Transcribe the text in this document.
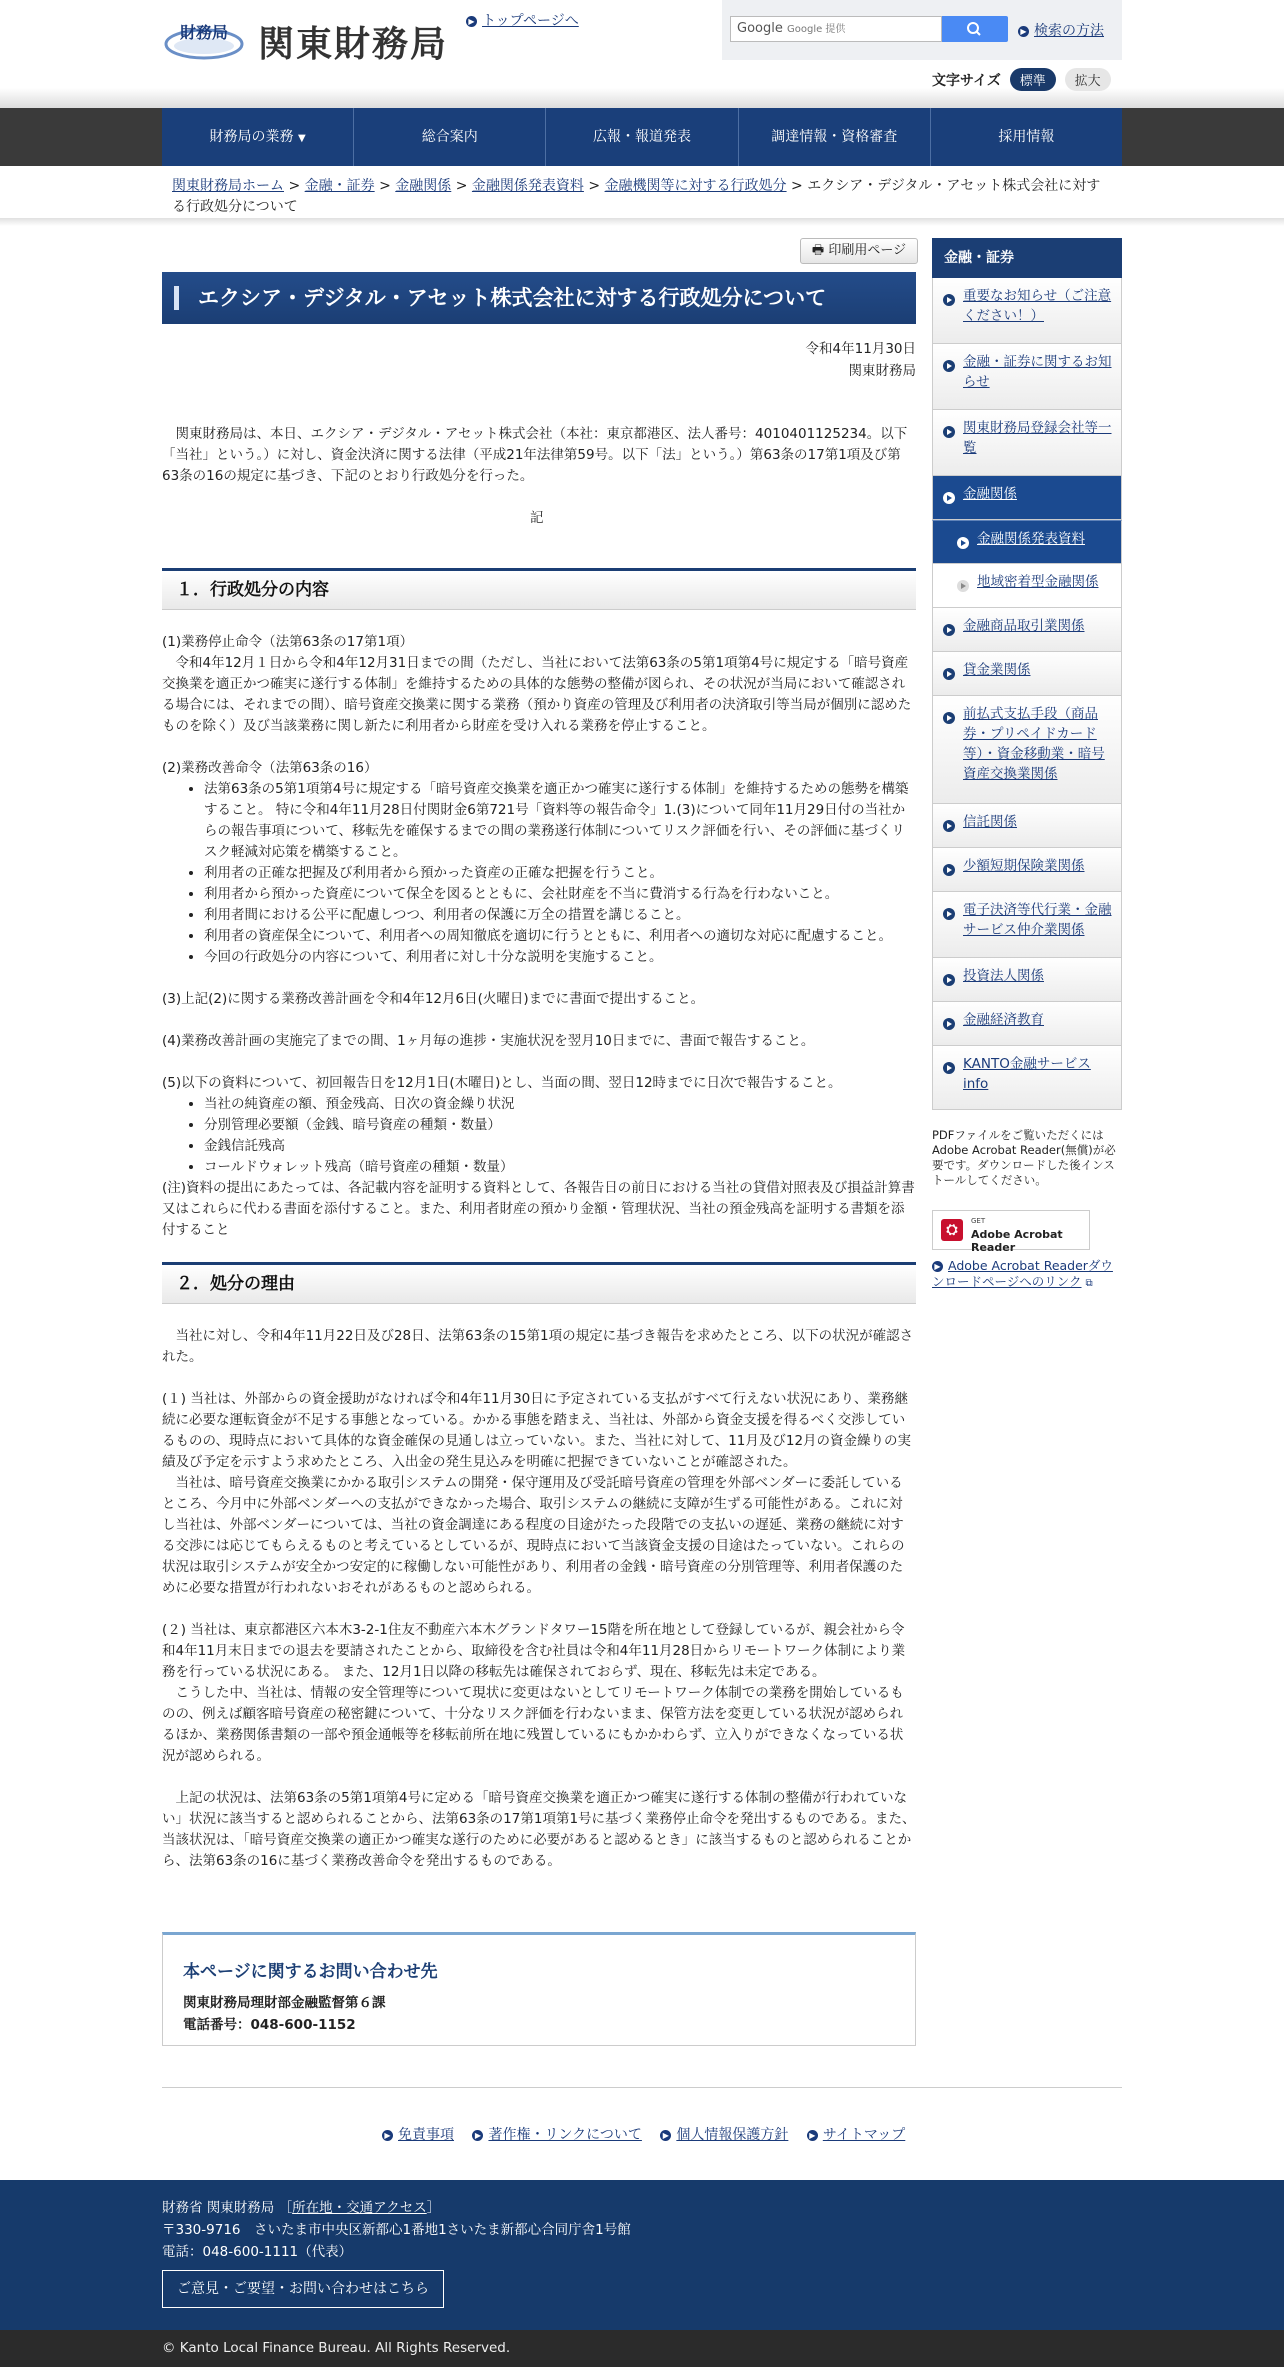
財務局 関東財務局
▶ トップページへ	Google Google 提供	▶ 検索の方法
文字サイズ 標準 拡大
財務局の業務 ▼	総合案内	広報・報道発表	調達情報・資格審査	採用情報
関東財務局ホーム > 金融・証券 > 金融関係 > 金融関係発表資料 > 金融機関等に対する行政処分 > エクシア・デジタル・アセット株式会社に対する行政処分について
🖶 印刷用ページ
エクシア・デジタル・アセット株式会社に対する行政処分について
令和4年11月30日
関東財務局
関東財務局は、本日、エクシア・デジタル・アセット株式会社（本社：東京都港区、法人番号：4010401125234。以下「当社」という。）に対し、資金決済に関する法律（平成21年法律第59号。以下「法」という。）第63条の17第1項及び第63条の16の規定に基づき、下記のとおり行政処分を行った。
記
１．行政処分の内容
(1)業務停止命令（法第63条の17第1項）
令和4年12月１日から令和4年12月31日までの間（ただし、当社において法第63条の5第1項第4号に規定する「暗号資産交換業を適正かつ確実に遂行する体制」を維持するための具体的な態勢の整備が図られ、その状況が当局において確認される場合には、それまでの間）、暗号資産交換業に関する業務（預かり資産の管理及び利用者の決済取引等当局が個別に認めたものを除く）及び当該業務に関し新たに利用者から財産を受け入れる業務を停止すること。
(2)業務改善命令（法第63条の16）
• 法第63条の5第1項第4号に規定する「暗号資産交換業を適正かつ確実に遂行する体制」を維持するための態勢を構築すること。 特に令和4年11月28日付関財金6第721号「資料等の報告命令」1.(3)について同年11月29日付の当社からの報告事項について、移転先を確保するまでの間の業務遂行体制についてリスク評価を行い、その評価に基づくリスク軽減対応策を構築すること。
• 利用者の正確な把握及び利用者から預かった資産の正確な把握を行うこと。
• 利用者から預かった資産について保全を図るとともに、会社財産を不当に費消する行為を行わないこと。
• 利用者間における公平に配慮しつつ、利用者の保護に万全の措置を講じること。
• 利用者の資産保全について、利用者への周知徹底を適切に行うとともに、利用者への適切な対応に配慮すること。
• 今回の行政処分の内容について、利用者に対し十分な説明を実施すること。
(3)上記(2)に関する業務改善計画を令和4年12月6日(火曜日)までに書面で提出すること。
(4)業務改善計画の実施完了までの間、1ヶ月毎の進捗・実施状況を翌月10日までに、書面で報告すること。
(5)以下の資料について、初回報告日を12月1日(木曜日)とし、当面の間、翌日12時までに日次で報告すること。
• 当社の純資産の額、預金残高、日次の資金繰り状況
• 分別管理必要額（金銭、暗号資産の種類・数量）
• 金銭信託残高
• コールドウォレット残高（暗号資産の種類・数量）
(注)資料の提出にあたっては、各記載内容を証明する資料として、各報告日の前日における当社の貸借対照表及び損益計算書又はこれらに代わる書面を添付すること。また、利用者財産の預かり金額・管理状況、当社の預金残高を証明する書類を添付すること
２．処分の理由
当社に対し、令和4年11月22日及び28日、法第63条の15第1項の規定に基づき報告を求めたところ、以下の状況が確認された。
(１) 当社は、外部からの資金援助がなければ令和4年11月30日に予定されている支払がすべて行えない状況にあり、業務継続に必要な運転資金が不足する事態となっている。かかる事態を踏まえ、当社は、外部から資金支援を得るべく交渉しているものの、現時点において具体的な資金確保の見通しは立っていない。また、当社に対して、11月及び12月の資金繰りの実績及び予定を示すよう求めたところ、入出金の発生見込みを明確に把握できていないことが確認された。
当社は、暗号資産交換業にかかる取引システムの開発・保守運用及び受託暗号資産の管理を外部ベンダーに委託しているところ、今月中に外部ベンダーへの支払ができなかった場合、取引システムの継続に支障が生ずる可能性がある。これに対し当社は、外部ベンダーについては、当社の資金調達にある程度の目途がたった段階での支払いの遅延、業務の継続に対する交渉には応じてもらえるものと考えているとしているが、現時点において当該資金支援の目途はたっていない。これらの状況は取引システムが安全かつ安定的に稼働しない可能性があり、利用者の金銭・暗号資産の分別管理等、利用者保護のために必要な措置が行われないおそれがあるものと認められる。
(２) 当社は、東京都港区六本木3-2-1住友不動産六本木グランドタワー15階を所在地として登録しているが、親会社から令和4年11月末日までの退去を要請されたことから、取締役を含む社員は令和4年11月28日からリモートワーク体制により業務を行っている状況にある。 また、12月1日以降の移転先は確保されておらず、現在、移転先は未定である。
こうした中、当社は、情報の安全管理等について現状に変更はないとしてリモートワーク体制での業務を開始しているものの、例えば顧客暗号資産の秘密鍵について、十分なリスク評価を行わないまま、保管方法を変更している状況が認められるほか、業務関係書類の一部や預金通帳等を移転前所在地に残置しているにもかかわらず、立入りができなくなっている状況が認められる。
上記の状況は、法第63条の5第1項第4号に定める「暗号資産交換業を適正かつ確実に遂行する体制の整備が行われていない」状況に該当すると認められることから、法第63条の17第1項第1号に基づく業務停止命令を発出するものである。また、当該状況は、「暗号資産交換業の適正かつ確実な遂行のために必要があると認めるとき」に該当するものと認められることから、法第63条の16に基づく業務改善命令を発出するものである。
本ページに関するお問い合わせ先
関東財務局理財部金融監督第６課
電話番号：048-600-1152
▶ 免責事項	▶ 著作権・リンクについて	▶ 個人情報保護方針	▶ サイトマップ
財務省 関東財務局 ［所在地・交通アクセス］
〒330-9716　さいたま市中央区新都心1番地1さいたま新都心合同庁舎1号館
電話：048-600-1111（代表）
ご意見・ご要望・お問い合わせはこちら
© Kanto Local Finance Bureau. All Rights Reserved.
金融・証券
重要なお知らせ（ご注意ください！）
金融・証券に関するお知らせ
関東財務局登録会社等一覧
金融関係
金融関係発表資料
地域密着型金融関係
金融商品取引業関係
貸金業関係
前払式支払手段（商品券・プリペイドカード等）・資金移動業・暗号資産交換業関係
信託関係
少額短期保険業関係
電子決済等代行業・金融サービス仲介業関係
投資法人関係
金融経済教育
KANTO金融サービスinfo
PDFファイルをご覧いただくにはAdobe Acrobat Reader(無償)が必要です。ダウンロードした後インストールしてください。
⛭
GET
Adobe Acrobat Reader
▶ Adobe Acrobat Readerダウンロードページへのリンク ⧉
